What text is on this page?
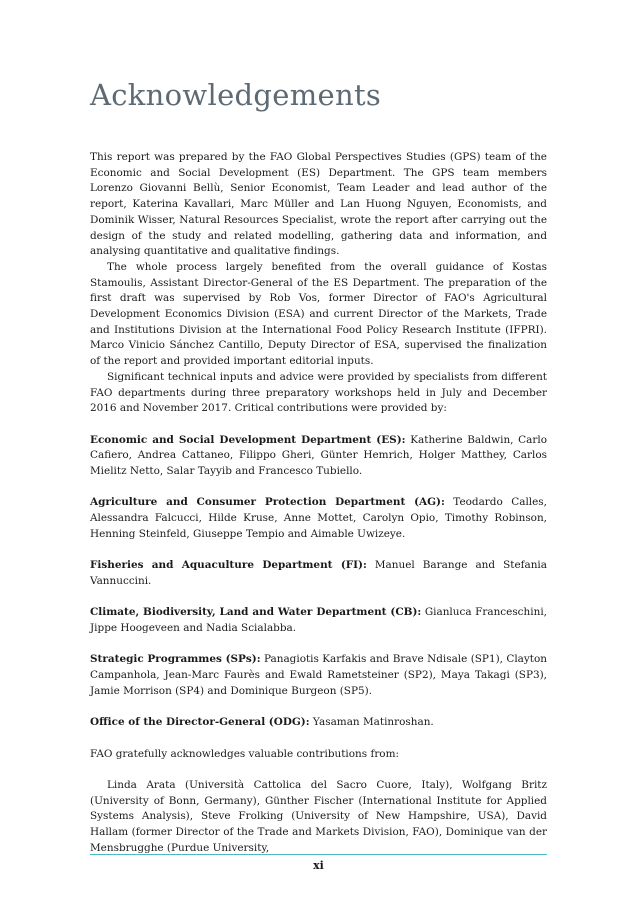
Acknowledgements

This report was prepared by the FAO Global Perspectives Studies (GPS) team of the Economic and Social Development (ES) Department. The GPS team members Lorenzo Giovanni Bellù, Senior Economist, Team Leader and lead author of the report, Katerina Kavallari, Marc Müller and Lan Huong Nguyen, Economists, and Dominik Wisser, Natural Resources Specialist, wrote the report after carrying out the design of the study and related modelling, gathering data and information, and analysing quantitative and qualitative findings.

The whole process largely benefited from the overall guidance of Kostas Stamoulis, Assistant Director-General of the ES Department. The preparation of the first draft was supervised by Rob Vos, former Director of FAO's Agricultural Development Economics Division (ESA) and current Director of the Markets, Trade and Institutions Division at the International Food Policy Research Institute (IFPRI). Marco Vinicio Sánchez Cantillo, Deputy Director of ESA, supervised the finalization of the report and provided important editorial inputs.

Significant technical inputs and advice were provided by specialists from different FAO departments during three preparatory workshops held in July and December 2016 and November 2017. Critical contributions were provided by:

Economic and Social Development Department (ES): Katherine Baldwin, Carlo Cafiero, Andrea Cattaneo, Filippo Gheri, Günter Hemrich, Holger Matthey, Carlos Mielitz Netto, Salar Tayyib and Francesco Tubiello.

Agriculture and Consumer Protection Department (AG): Teodardo Calles, Alessandra Falcucci, Hilde Kruse, Anne Mottet, Carolyn Opio, Timothy Robinson, Henning Steinfeld, Giuseppe Tempio and Aimable Uwizeye.

Fisheries and Aquaculture Department (FI): Manuel Barange and Stefania Vannuccini.

Climate, Biodiversity, Land and Water Department (CB): Gianluca Franceschini, Jippe Hoogeveen and Nadia Scialabba.

Strategic Programmes (SPs): Panagiotis Karfakis and Brave Ndisale (SP1), Clayton Campanhola, Jean-Marc Faurès and Ewald Rametsteiner (SP2), Maya Takagi (SP3), Jamie Morrison (SP4) and Dominique Burgeon (SP5).

Office of the Director-General (ODG): Yasaman Matinroshan.

FAO gratefully acknowledges valuable contributions from:

Linda Arata (Università Cattolica del Sacro Cuore, Italy), Wolfgang Britz (University of Bonn, Germany), Günther Fischer (International Institute for Applied Systems Analysis), Steve Frolking (University of New Hampshire, USA), David Hallam (former Director of the Trade and Markets Division, FAO), Dominique van der Mensbrugghe (Purdue University,

xi
